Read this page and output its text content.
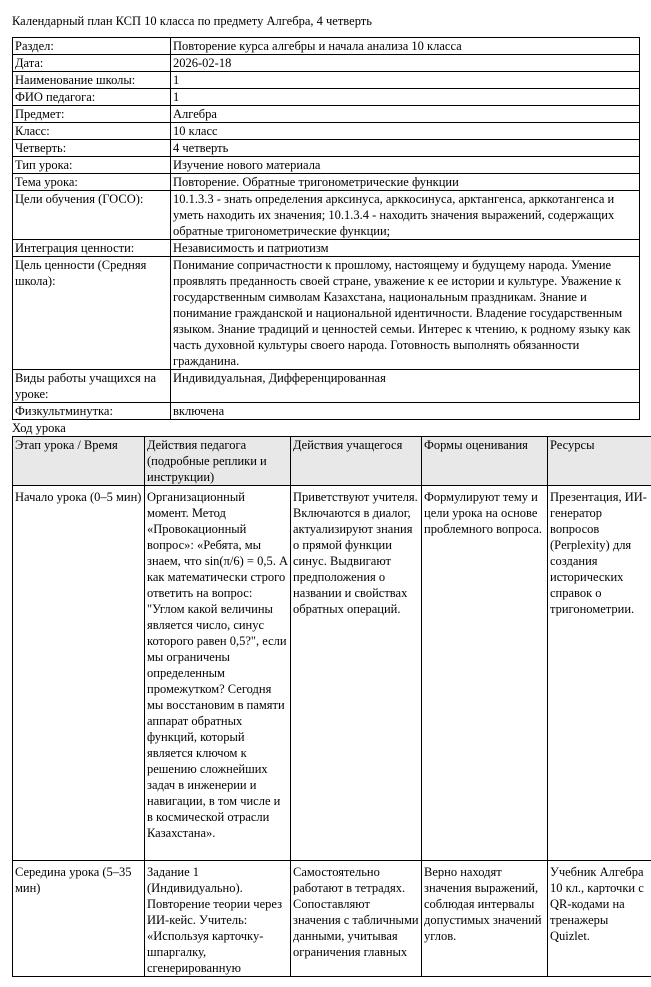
Календарный план КСП 10 класса по предмету Алгебра, 4 четверть
Раздел:	Повторение курса алгебры и начала анализа 10 класса
Дата:	2026-02-18
Наименование школы:	1
ФИО педагога:	1
Предмет:	Алгебра
Класс:	10 класс
Четверть:	4 четверть
Тип урока:	Изучение нового материала
Тема урока:	Повторение. Обратные тригонометрические функции
Цели обучения (ГОСО):	10.1.3.3 - знать определения арксинуса, арккосинуса, арктангенса, арккотангенса и уметь находить их значения; 10.1.3.4 - находить значения выражений, содержащих обратные тригонометрические функции;
Интеграция ценности:	Независимость и патриотизм
Цель ценности (Средняя школа):	Понимание сопричастности к прошлому, настоящему и будущему народа. Умение проявлять преданность своей стране, уважение к ее истории и культуре. Уважение к государственным символам Казахстана, национальным праздникам. Знание и понимание гражданской и национальной идентичности. Владение государственным языком. Знание традиций и ценностей семьи. Интерес к чтению, к родному языку как часть духовной культуры своего народа. Готовность выполнять обязанности гражданина.
Виды работы учащихся на уроке:	Индивидуальная, Дифференцированная
Физкультминутка:	включена
Ход урока
Этап урока / Время	Действия педагога (подробные реплики и инструкции)	Действия учащегося	Формы оценивания	Ресурсы
Начало урока (0–5 мин)	Организационный момент. Метод «Провокационный вопрос»: «Ребята, мы знаем, что sin(π/6) = 0,5. А как математически строго ответить на вопрос: "Углом какой величины является число, синус которого равен 0,5?", если мы ограничены определенным промежутком? Сегодня мы восстановим в памяти аппарат обратных функций, который является ключом к решению сложнейших задач в инженерии и навигации, в том числе и в космической отрасли Казахстана».	Приветствуют учителя. Включаются в диалог, актуализируют знания о прямой функции синус. Выдвигают предположения о названии и свойствах обратных операций.	Формулируют тему и цели урока на основе проблемного вопроса.	Презентация, ИИ-генератор вопросов (Perplexity) для создания исторических справок о тригонометрии.
Середина урока (5–35 мин)	Задание 1 (Индивидуально). Повторение теории через ИИ-кейс. Учитель: «Используя карточку-шпаргалку, сгенерированную	Самостоятельно работают в тетрадях. Сопоставляют значения с табличными данными, учитывая ограничения главных	Верно находят значения выражений, соблюдая интервалы допустимых значений углов.	Учебник Алгебра 10 кл., карточки с QR-кодами на тренажеры Quizlet.
